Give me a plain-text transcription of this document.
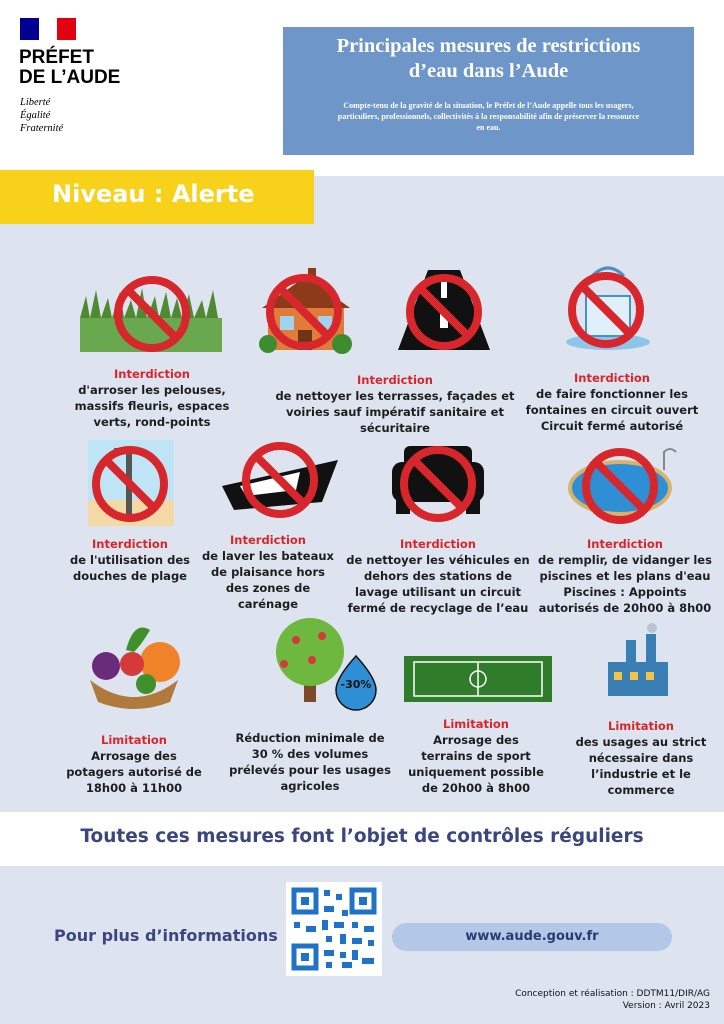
PRÉFET
DE L’AUDE
Liberté
Égalité
Fraternité
Principales mesures de restrictions
d’eau dans l’Aude

Compte-tenu de la gravité de la situation, le Préfet de l’Aude appelle tous les usagers, particuliers, professionnels, collectivités à la responsabilité afin de préserver la ressource en eau.

Niveau : Alerte
-30%
Interdiction
d'arroser les pelouses, massifs fleuris, espaces verts, rond-points
Interdiction
de nettoyer les terrasses, façades et voiries sauf impératif sanitaire et sécuritaire
Interdiction
de faire fonctionner les fontaines en circuit ouvert Circuit fermé autorisé
Interdiction
de l'utilisation des douches de plage
Interdiction
de laver les bateaux de plaisance hors des zones de carénage
Interdiction
de nettoyer les véhicules en dehors des stations de lavage utilisant un circuit fermé de recyclage de l’eau
Interdiction
de remplir, de vidanger les piscines et les plans d'eau Piscines : Appoints autorisés de 20h00 à 8h00
Limitation
Arrosage des potagers autorisé de 18h00 à 11h00
Réduction minimale de 30 % des volumes prélevés pour les usages agricoles
Limitation
Arrosage des terrains de sport uniquement possible de 20h00 à 8h00
Limitation
des usages au strict nécessaire dans l’industrie et le commerce
Toutes ces mesures font l’objet de contrôles réguliers
Pour plus d’informations	www.aude.gouv.fr
Conception et réalisation : DDTM11/DIR/AG
Version : Avril 2023
